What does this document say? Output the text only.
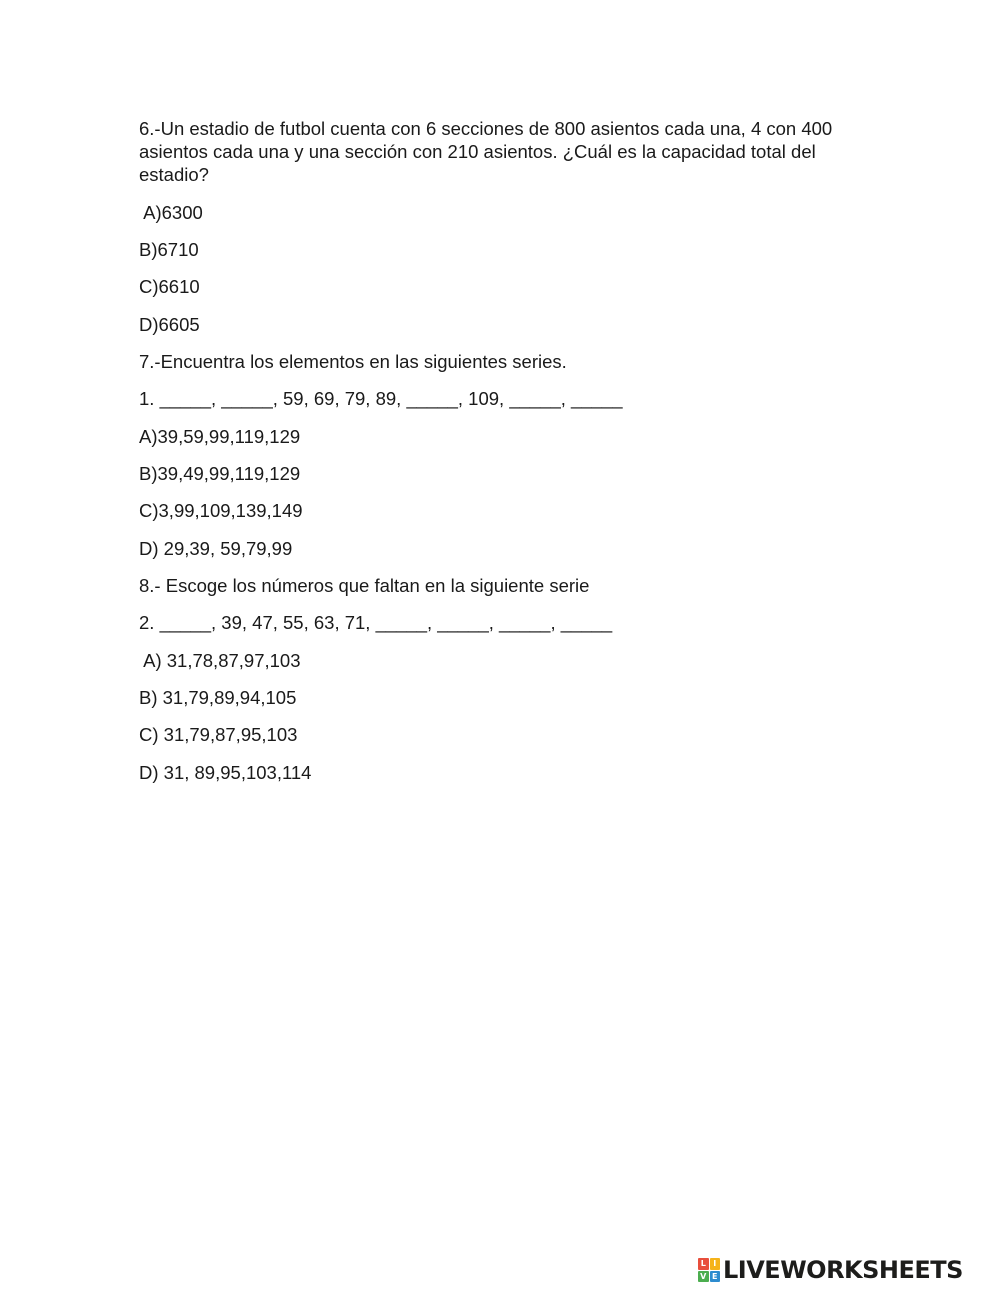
6.-Un estadio de futbol cuenta con 6 secciones de 800 asientos cada una, 4 con 400
asientos cada una y una sección con 210 asientos. ¿Cuál es la capacidad total del
estadio?
A)6300
B)6710
C)6610
D)6605
7.-Encuentra los elementos en las siguientes series.
1. _____, _____, 59, 69, 79, 89, _____, 109, _____, _____
A)39,59,99,119,129
B)39,49,99,119,129
C)3,99,109,139,149
D) 29,39, 59,79,99
8.- Escoge los números que faltan en la siguiente serie
2. _____, 39, 47, 55, 63, 71, _____, _____, _____, _____
A) 31,78,87,97,103
B) 31,79,89,94,105
C) 31,79,87,95,103
D) 31, 89,95,103,114
L I
V E LIVEWORKSHEETS
